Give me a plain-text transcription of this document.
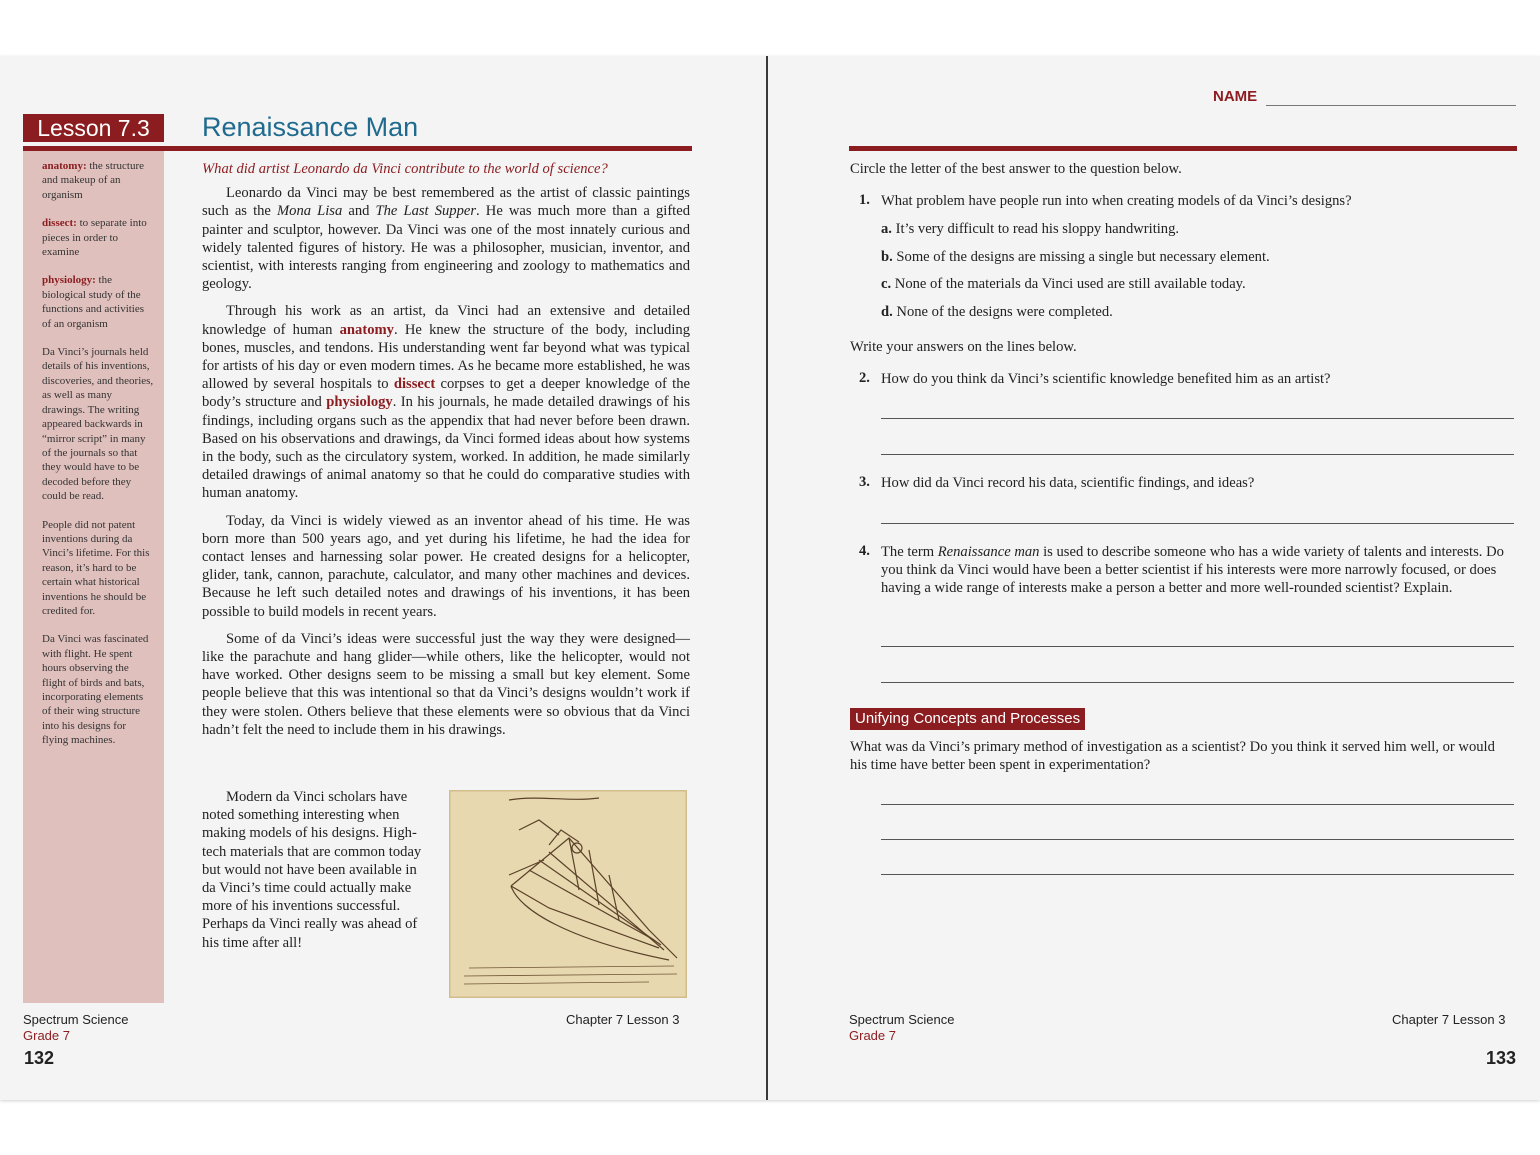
Lesson 7.3	Renaissance Man

anatomy: the structure and makeup of an organism

dissect: to separate into pieces in order to examine

physiology: the biological study of the functions and activities of an organism

Da Vinci’s journals held details of his inventions, discoveries, and theories, as well as many drawings. The writing appeared backwards in “mirror script” in many of the journals so that they would have to be decoded before they could be read.

People did not patent inventions during da Vinci’s lifetime. For this reason, it’s hard to be certain what historical inventions he should be credited for.

Da Vinci was fascinated with flight. He spent hours observing the flight of birds and bats, incorporating elements of their wing structure into his designs for flying machines.

What did artist Leonardo da Vinci contribute to the world of science?

Leonardo da Vinci may be best remembered as the artist of classic paintings such as the Mona Lisa and The Last Supper. He was much more than a gifted painter and sculptor, however. Da Vinci was one of the most innately curious and widely talented figures of history. He was a philosopher, musician, inventor, and scientist, with interests ranging from engineering and zoology to mathematics and geology.

Through his work as an artist, da Vinci had an extensive and detailed knowledge of human anatomy. He knew the structure of the body, including bones, muscles, and tendons. His understanding went far beyond what was typical for artists of his day or even modern times. As he became more established, he was allowed by several hospitals to dissect corpses to get a deeper knowledge of the body’s structure and physiology. In his journals, he made detailed drawings of his findings, including organs such as the appendix that had never before been drawn. Based on his observations and drawings, da Vinci formed ideas about how systems in the body, such as the circulatory system, worked. In addition, he made similarly detailed drawings of animal anatomy so that he could do comparative studies with human anatomy.

Today, da Vinci is widely viewed as an inventor ahead of his time. He was born more than 500 years ago, and yet during his lifetime, he had the idea for contact lenses and harnessing solar power. He created designs for a helicopter, glider, tank, cannon, parachute, calculator, and many other machines and devices. Because he left such detailed notes and drawings of his inventions, it has been possible to build models in recent years.

Some of da Vinci’s ideas were successful just the way they were designed—like the parachute and hang glider—while others, like the helicopter, would not have worked. Other designs seem to be missing a small but key element. Some people believe that this was intentional so that da Vinci’s designs wouldn’t work if they were stolen. Others believe that these elements were so obvious that da Vinci hadn’t felt the need to include them in his drawings.

Modern da Vinci scholars have noted something interesting when making models of his designs. High-tech materials that are common today but would not have been available in da Vinci’s time could actually make more of his inventions successful. Perhaps da Vinci really was ahead of his time after all!
Spectrum Science
Grade 7
Chapter 7 Lesson 3
132
NAME
Circle the letter of the best answer to the question below.
1. What problem have people run into when creating models of da Vinci’s designs?
a. It’s very difficult to read his sloppy handwriting.
b. Some of the designs are missing a single but necessary element.
c. None of the materials da Vinci used are still available today.
d. None of the designs were completed.
Write your answers on the lines below.
2. How do you think da Vinci’s scientific knowledge benefited him as an artist?
3. How did da Vinci record his data, scientific findings, and ideas?
4. The term Renaissance man is used to describe someone who has a wide variety of talents and interests. Do you think da Vinci would have been a better scientist if his interests were more narrowly focused, or does having a wide range of interests make a person a better and more well-rounded scientist? Explain.
Unifying Concepts and Processes
What was da Vinci’s primary method of investigation as a scientist? Do you think it served him well, or would his time have better been spent in experimentation?
Spectrum Science
Grade 7
Chapter 7 Lesson 3
133
